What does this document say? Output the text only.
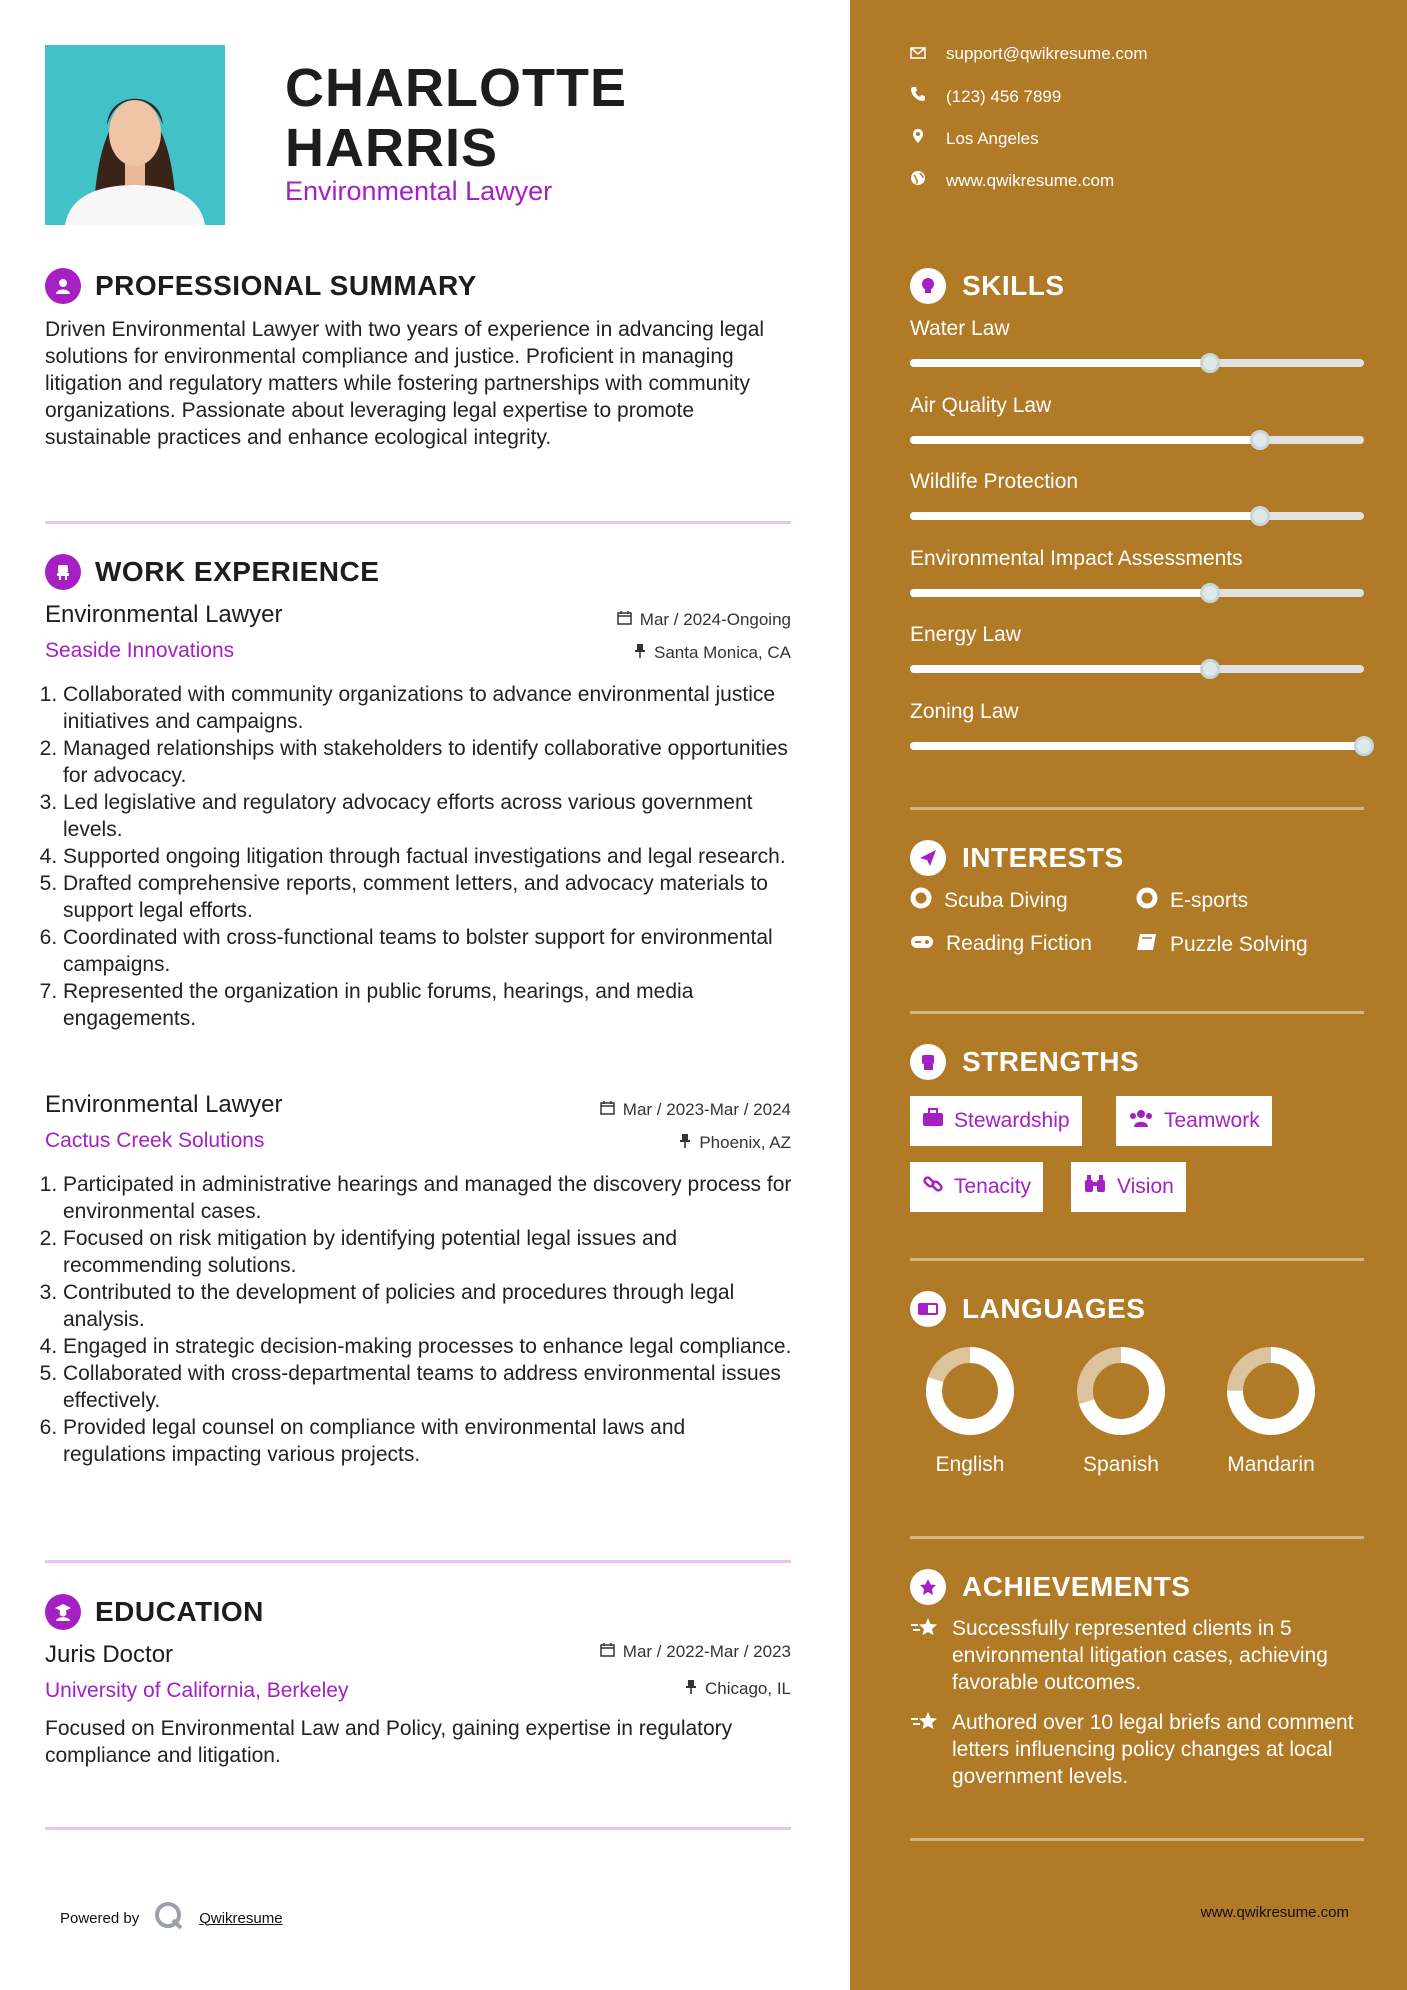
CHARLOTTE
HARRIS
Environmental Lawyer
PROFESSIONAL SUMMARY
Driven Environmental Lawyer with two years of experience in advancing legal solutions for environmental compliance and justice. Proficient in managing litigation and regulatory matters while fostering partnerships with community organizations. Passionate about leveraging legal expertise to promote sustainable practices and enhance ecological integrity.
WORK EXPERIENCE
Environmental Lawyer	Mar / 2024-Ongoing
Seaside Innovations	Santa Monica, CA
1. Collaborated with community organizations to advance environmental justice initiatives and campaigns.
2. Managed relationships with stakeholders to identify collaborative opportunities for advocacy.
3. Led legislative and regulatory advocacy efforts across various government levels.
4. Supported ongoing litigation through factual investigations and legal research.
5. Drafted comprehensive reports, comment letters, and advocacy materials to support legal efforts.
6. Coordinated with cross-functional teams to bolster support for environmental campaigns.
7. Represented the organization in public forums, hearings, and media engagements.
Environmental Lawyer	Mar / 2023-Mar / 2024
Cactus Creek Solutions	Phoenix, AZ
1. Participated in administrative hearings and managed the discovery process for environmental cases.
2. Focused on risk mitigation by identifying potential legal issues and recommending solutions.
3. Contributed to the development of policies and procedures through legal analysis.
4. Engaged in strategic decision-making processes to enhance legal compliance.
5. Collaborated with cross-departmental teams to address environmental issues effectively.
6. Provided legal counsel on compliance with environmental laws and regulations impacting various projects.
EDUCATION
Juris Doctor	Mar / 2022-Mar / 2023
University of California, Berkeley	Chicago, IL
Focused on Environmental Law and Policy, gaining expertise in regulatory compliance and litigation.
Powered by	Qwikresume
support@qwikresume.com
(123) 456 7899
Los Angeles
www.qwikresume.com
SKILLS
Water Law
Air Quality Law
Wildlife Protection
Environmental Impact Assessments
Energy Law
Zoning Law
INTERESTS
Scuba Diving	E-sports
Reading Fiction	Puzzle Solving
STRENGTHS
Stewardship	Teamwork
Tenacity	Vision
LANGUAGES
English	Spanish	Mandarin
ACHIEVEMENTS
Successfully represented clients in 5 environmental litigation cases, achieving favorable outcomes.
Authored over 10 legal briefs and comment letters influencing policy changes at local government levels.
www.qwikresume.com
